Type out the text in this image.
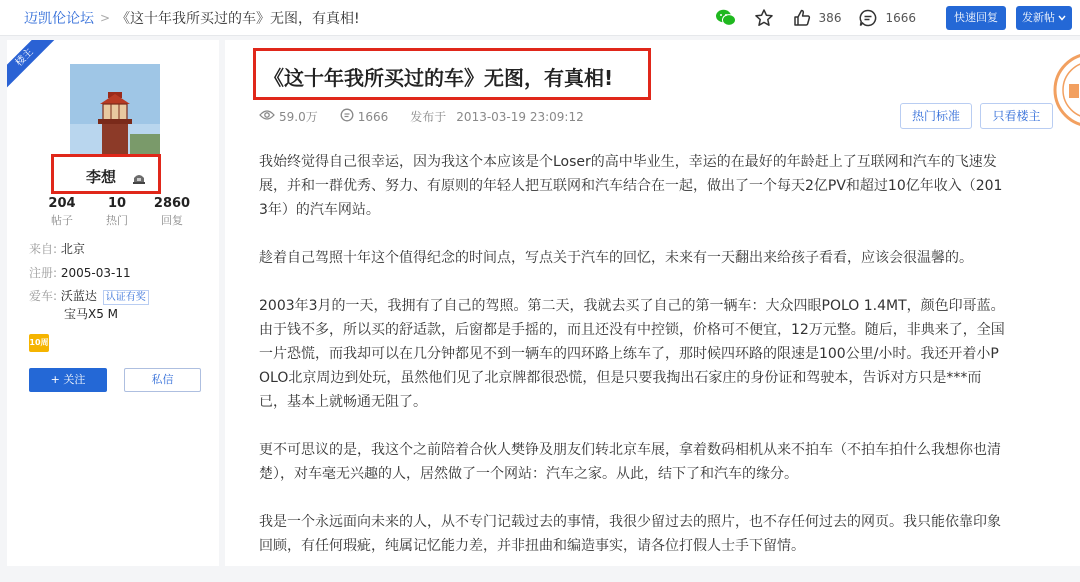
迈凯伦论坛 > 《这十年我所买过的车》无图，有真相!	386	1666	快速回复	发新帖
楼主
李想
204
帖子
10
热门
2860
回复
来自: 北京
注册: 2005-03-11
爱车: 沃蓝达 认证有奖
宝马X5 M
10周年
+ 关注	私信
《这十年我所买过的车》无图，有真相!
59.0万	1666 发布于 2013-03-19 23:09:12	热门标准	只看楼主

我始终觉得自己很幸运，因为我这个本应该是个Loser的高中毕业生，幸运的在最好的年龄赶上了互联网和汽车的飞速发展，并和一群优秀、努力、有原则的年轻人把互联网和汽车结合在一起，做出了一个每天2亿PV和超过10亿年收入（2013年）的汽车网站。

趁着自己驾照十年这个值得纪念的时间点，写点关于汽车的回忆，未来有一天翻出来给孩子看看，应该会很温馨的。

2003年3月的一天，我拥有了自己的驾照。第二天，我就去买了自己的第一辆车：大众四眼POLO 1.4MT，颜色印哥蓝。由于钱不多，所以买的舒适款，后窗都是手摇的，而且还没有中控锁，价格可不便宜，12万元整。随后，非典来了，全国一片恐慌，而我却可以在几分钟都见不到一辆车的四环路上练车了，那时候四环路的限速是100公里/小时。我还开着小POLO北京周边到处玩，虽然他们见了北京牌都很恐慌，但是只要我掏出石家庄的身份证和驾驶本，告诉对方只是***而已，基本上就畅通无阻了。

更不可思议的是，我这个之前陪着合伙人樊铮及朋友们转北京车展，拿着数码相机从来不拍车（不拍车拍什么我想你也清楚），对车毫无兴趣的人，居然做了一个网站：汽车之家。从此，结下了和汽车的缘分。

我是一个永远面向未来的人，从不专门记载过去的事情，我很少留过去的照片，也不存任何过去的网页。我只能依靠印象回顾，有任何瑕疵，纯属记忆能力差，并非扭曲和编造事实，请各位打假人士手下留情。
